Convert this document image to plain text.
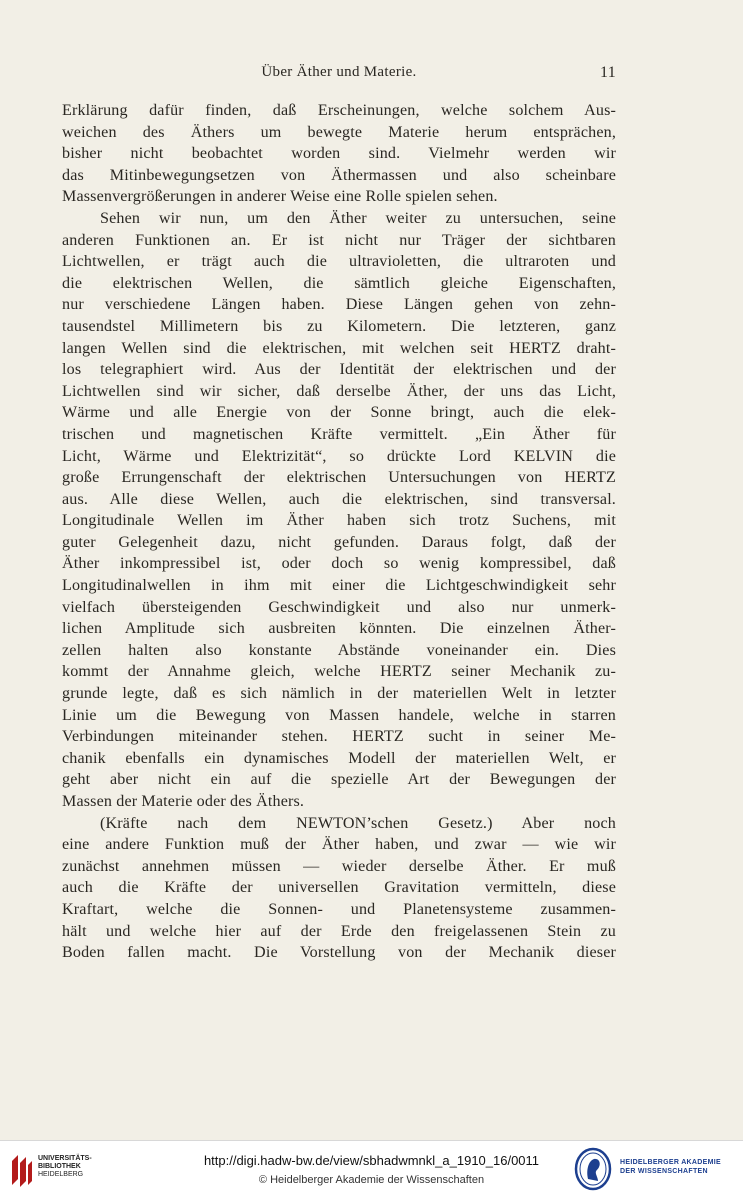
Über Äther und Materie.	11
Erklärung dafür finden, daß Erscheinungen, welche solchem Aus-
weichen des Äthers um bewegte Materie herum entsprächen,
bisher nicht beobachtet worden sind. Vielmehr werden wir
das Mitinbewegungsetzen von Äthermassen und also scheinbare
Massenvergrößerungen in anderer Weise eine Rolle spielen sehen.
Sehen wir nun, um den Äther weiter zu untersuchen, seine
anderen Funktionen an. Er ist nicht nur Träger der sichtbaren
Lichtwellen, er trägt auch die ultravioletten, die ultraroten und
die elektrischen Wellen, die sämtlich gleiche Eigenschaften,
nur verschiedene Längen haben. Diese Längen gehen von zehn-
tausendstel Millimetern bis zu Kilometern. Die letzteren, ganz
langen Wellen sind die elektrischen, mit welchen seit HERTZ draht-
los telegraphiert wird. Aus der Identität der elektrischen und der
Lichtwellen sind wir sicher, daß derselbe Äther, der uns das Licht,
Wärme und alle Energie von der Sonne bringt, auch die elek-
trischen und magnetischen Kräfte vermittelt. „Ein Äther für
Licht, Wärme und Elektrizität“, so drückte Lord KELVIN die
große Errungenschaft der elektrischen Untersuchungen von HERTZ
aus. Alle diese Wellen, auch die elektrischen, sind transversal.
Longitudinale Wellen im Äther haben sich trotz Suchens, mit
guter Gelegenheit dazu, nicht gefunden. Daraus folgt, daß der
Äther inkompressibel ist, oder doch so wenig kompressibel, daß
Longitudinalwellen in ihm mit einer die Lichtgeschwindigkeit sehr
vielfach übersteigenden Geschwindigkeit und also nur unmerk-
lichen Amplitude sich ausbreiten könnten. Die einzelnen Äther-
zellen halten also konstante Abstände voneinander ein. Dies
kommt der Annahme gleich, welche HERTZ seiner Mechanik zu-
grunde legte, daß es sich nämlich in der materiellen Welt in letzter
Linie um die Bewegung von Massen handele, welche in starren
Verbindungen miteinander stehen. HERTZ sucht in seiner Me-
chanik ebenfalls ein dynamisches Modell der materiellen Welt, er
geht aber nicht ein auf die spezielle Art der Bewegungen der
Massen der Materie oder des Äthers.
(Kräfte nach dem NEWTON’schen Gesetz.) Aber noch
eine andere Funktion muß der Äther haben, und zwar — wie wir
zunächst annehmen müssen — wieder derselbe Äther. Er muß
auch die Kräfte der universellen Gravitation vermitteln, diese
Kraftart, welche die Sonnen- und Planetensysteme zusammen-
hält und welche hier auf der Erde den freigelassenen Stein zu
Boden fallen macht. Die Vorstellung von der Mechanik dieser
UNIVERSITÄTS-
BIBLIOTHEK
HEIDELBERG
http://digi.hadw-bw.de/view/sbhadwmnkl_a_1910_16/0011
© Heidelberger Akademie der Wissenschaften
HEIDELBERGER AKADEMIE
DER WISSENSCHAFTEN
